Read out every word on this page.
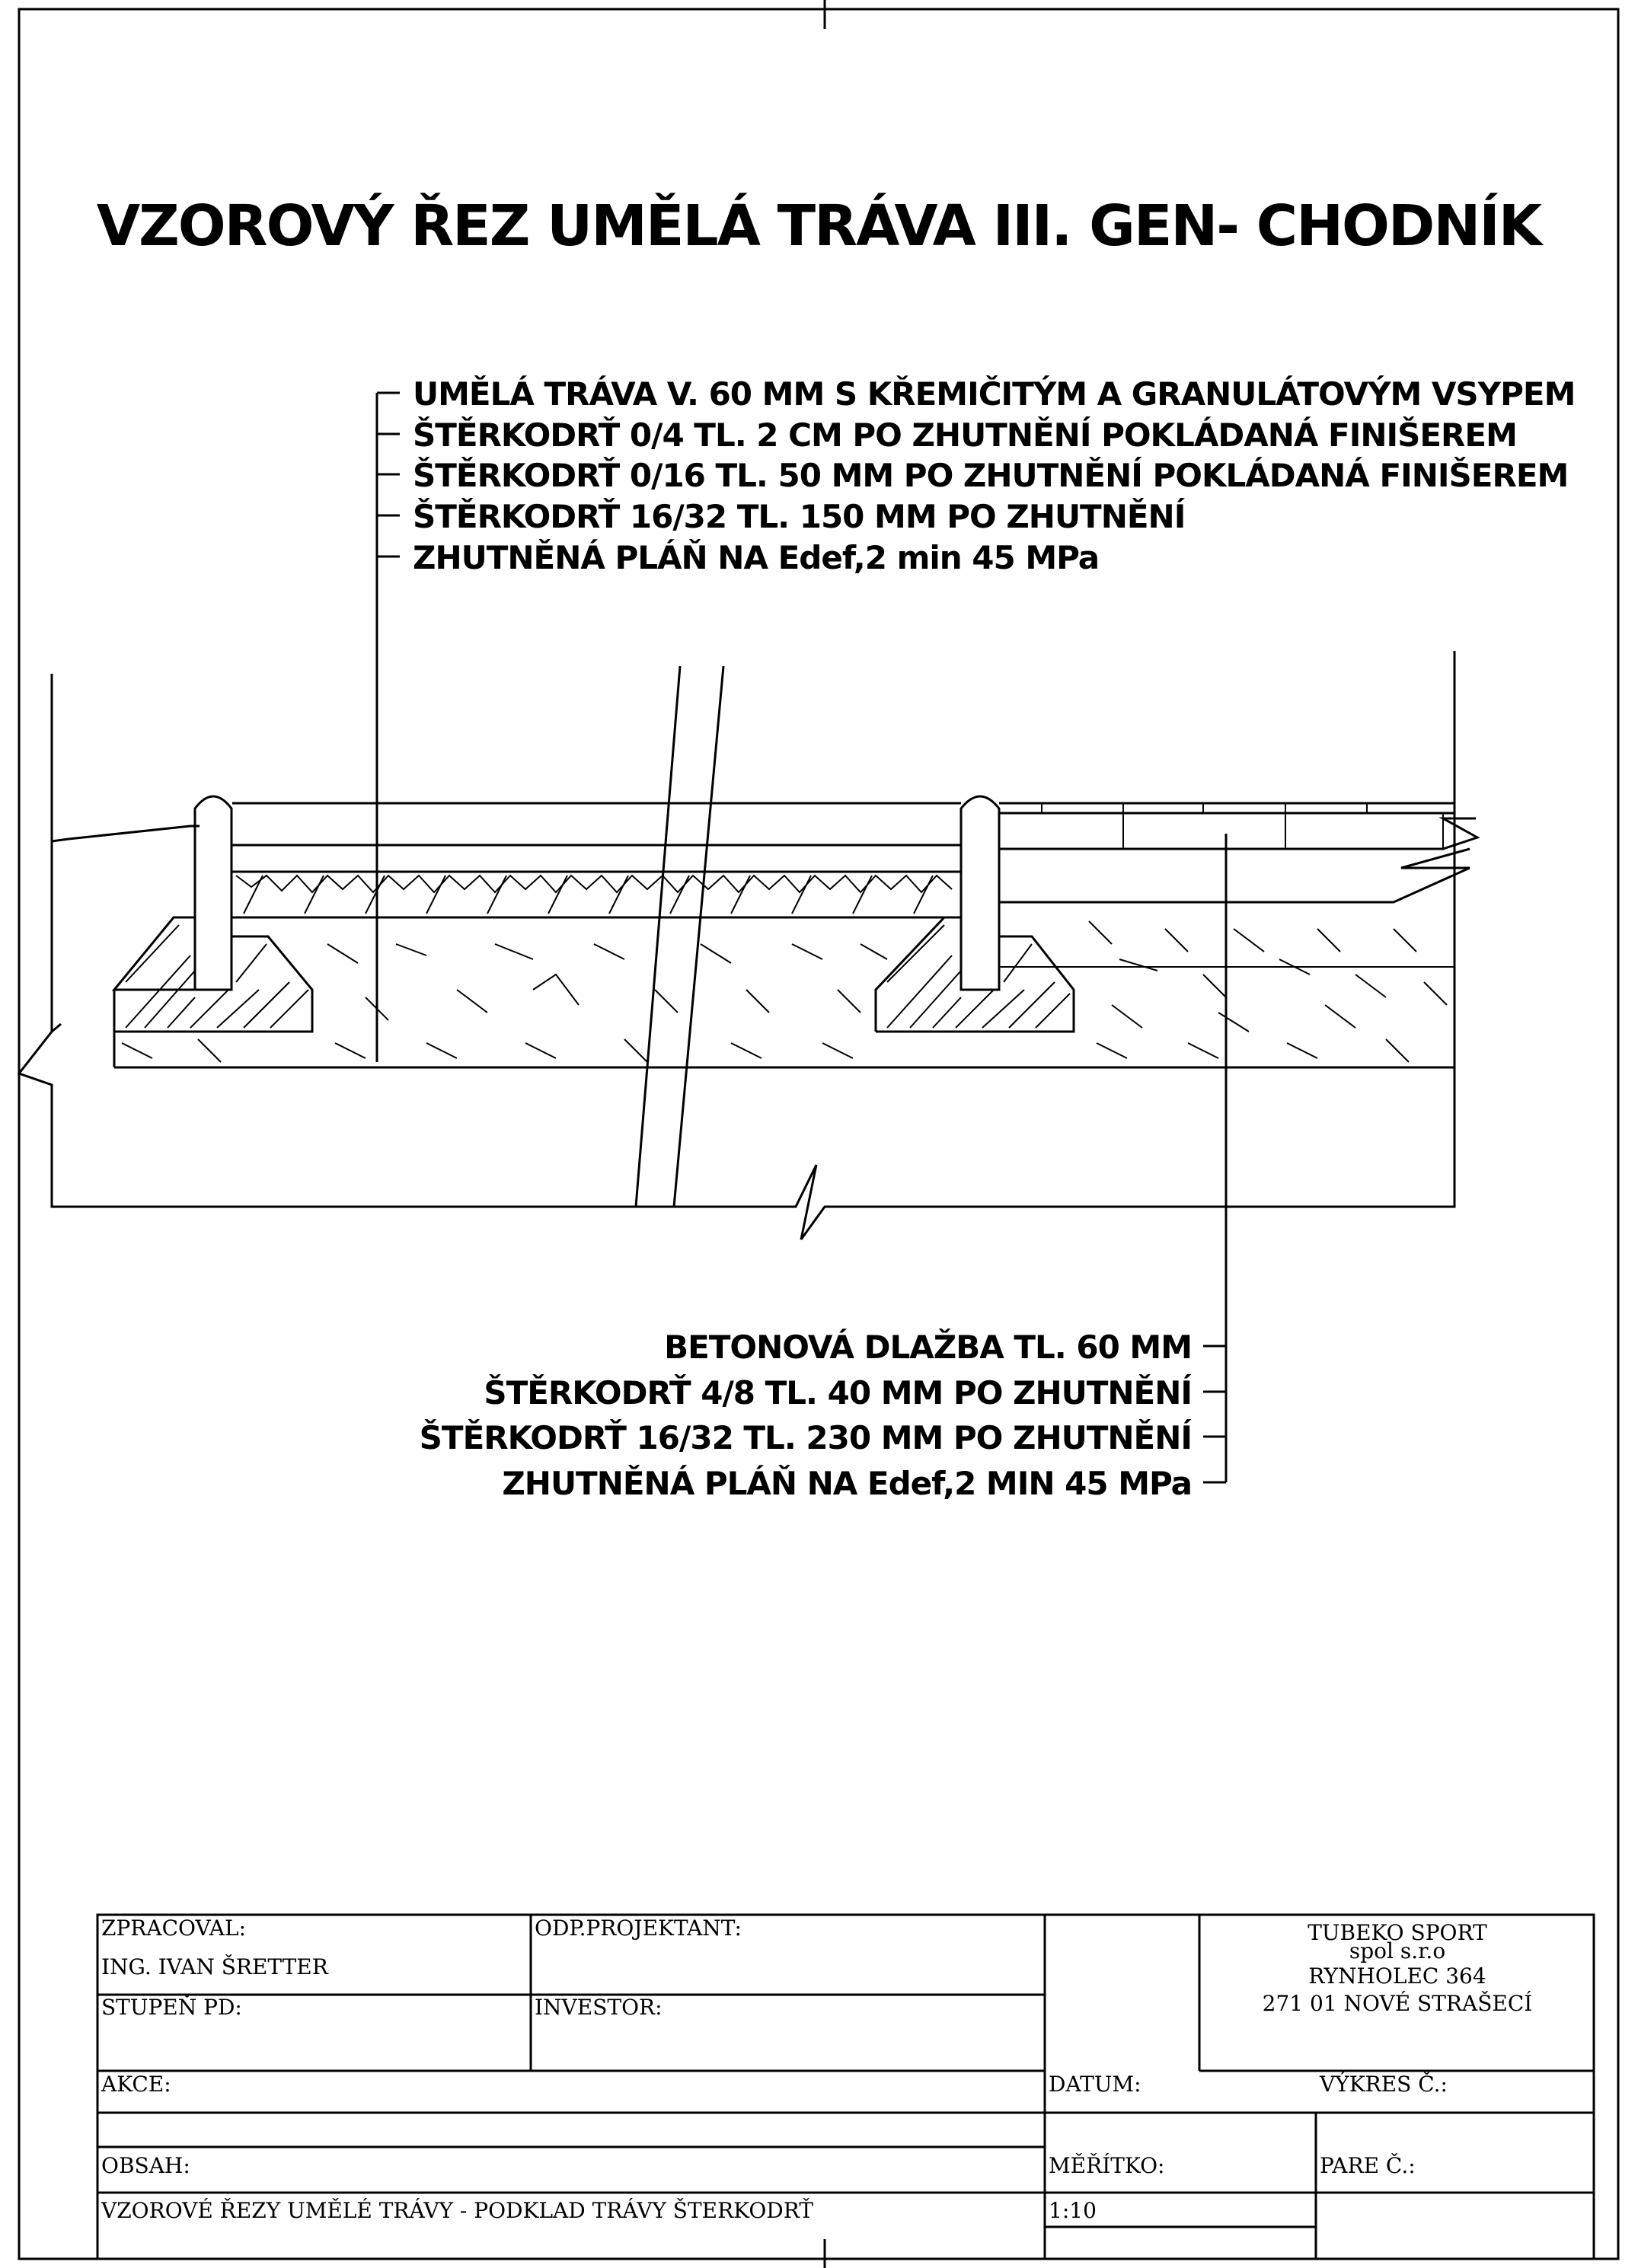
VZOROVÝ ŘEZ UMĚLÁ TRÁVA III. GEN- CHODNÍK
UMĚLÁ TRÁVA V. 60 MM S KŘEMIČITÝM A GRANULÁTOVÝM VSYPEM
ŠTĚRKODRŤ 0/4 TL. 2 CM PO ZHUTNĚNÍ POKLÁDANÁ FINIŠEREM
ŠTĚRKODRŤ 0/16 TL. 50 MM PO ZHUTNĚNÍ POKLÁDANÁ FINIŠEREM
ŠTĚRKODRŤ 16/32 TL. 150 MM PO ZHUTNĚNÍ
ZHUTNĚNÁ PLÁŇ NA Edef,2 min 45 MPa
BETONOVÁ DLAŽBA TL. 60 MM
ŠTĚRKODRŤ 4/8 TL. 40 MM PO ZHUTNĚNÍ
ŠTĚRKODRŤ 16/32 TL. 230 MM PO ZHUTNĚNÍ
ZHUTNĚNÁ PLÁŇ NA Edef,2 MIN 45 MPa
ZPRACOVAL:
ING. IVAN ŠRETTER
ODP.PROJEKTANT:
STUPEŇ PD:	INVESTOR:
TUBEKO SPORT
spol s.r.o
RYNHOLEC 364
271 01 NOVÉ STRAŠECÍ
AKCE:	DATUM:	VÝKRES Č.:
OBSAH:
VZOROVÉ ŘEZY UMĚLÉ TRÁVY - PODKLAD TRÁVY ŠTERKODRŤ
MĚŘÍTKO:
1:10
PARE Č.:
